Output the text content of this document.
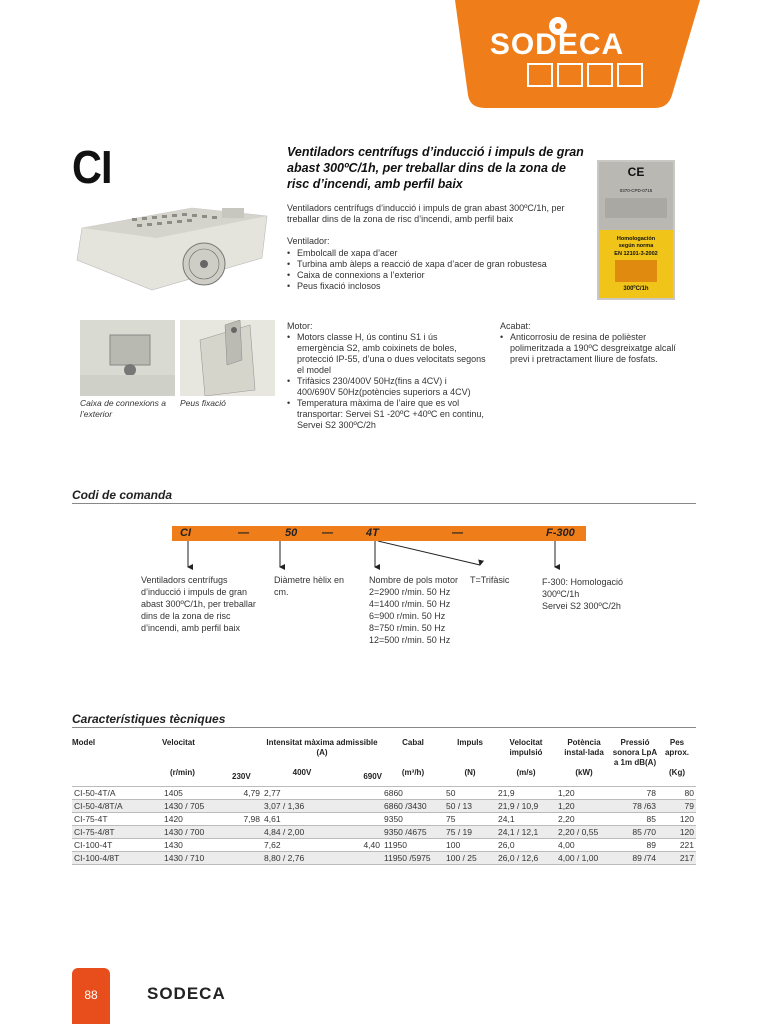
SODECA
CI	Ventiladors centrífugs d’inducció i impuls de gran abast 300ºC/1h, per treballar dins de la zona de risc d’incendi, amb perfil baix
Ventiladors centrífugs d’inducció i impuls de gran abast 300ºC/1h, per treballar dins de la zona de risc d’incendi, amb perfil baix
Caixa de connexions a l’exterior
Peus fixació
CE
0370-CPD-0715
Homologación
según norma
EN 12101-3-2002
300ºC/1h
Ventilador:
• Embolcall de xapa d’acer
• Turbina amb àleps a reacció de xapa d’acer de gran robustesa
• Caixa de connexions a l’exterior
• Peus fixació inclosos
Motor:
• Motors classe H, ús continu S1 i ús emergència S2, amb coixinets de boles, protecció IP-55, d’una o dues velocitats segons el model
• Trifàsics 230/400V 50Hz(fins a 4CV) i 400/690V 50Hz(potències superiors a 4CV)
• Temperatura màxima de l’aire que es vol transportar: Servei S1 -20ºC +40ºC en continu, Servei S2 300ºC/2h
Acabat:
• Anticorrosiu de resina de polièster polimeritzada a 190ºC desgreixatge alcalí previ i pretractament lliure de fosfats.
Codi de comanda
CI	—	50 —	4T	—	F-300
Ventiladors centrífugs d’inducció i impuls de gran abast 300ºC/1h, per treballar dins de la zona de risc d’incendi, amb perfil baix
Diàmetre hèlix en cm.
Nombre de pols motor
2=2900 r/min. 50 Hz
4=1400 r/min. 50 Hz
6=900 r/min. 50 Hz
8=750 r/min. 50 Hz
12=500 r/min. 50 Hz
T=Trifàsic	F-300: Homologació
300ºC/1h
Servei S2 300ºC/2h
Característiques tècniques
Model	Velocitat		Intensitat màxima admissible (A)		Cabal	Impuls	Velocitat impulsió	Potència instal·lada	Pressió sonora LpA a 1m dB(A)	Pes aprox.
	(r/min)	230V	400V	690V	(m³/h)	(N)	(m/s)	(kW)		(Kg)
CI-50-4T/A	1405	4,79	2,77		6860	50	21,9	1,20	78	80
CI-50-4/8T/A	1430 / 705		3,07 / 1,36		6860 /3430	50 / 13	21,9 / 10,9	1,20	78 /63	79
CI-75-4T	1420	7,98	4,61		9350	75	24,1	2,20	85	120
CI-75-4/8T	1430 / 700		4,84 / 2,00		9350 /4675	75 / 19	24,1 / 12,1	2,20 / 0,55	85 /70	120
CI-100-4T	1430		7,62	4,40	11950	100	26,0	4,00	89	221
CI-100-4/8T	1430 / 710		8,80 / 2,76		11950 /5975	100 / 25	26,0 / 12,6	4,00 / 1,00	89 /74	217
88	SODECA
